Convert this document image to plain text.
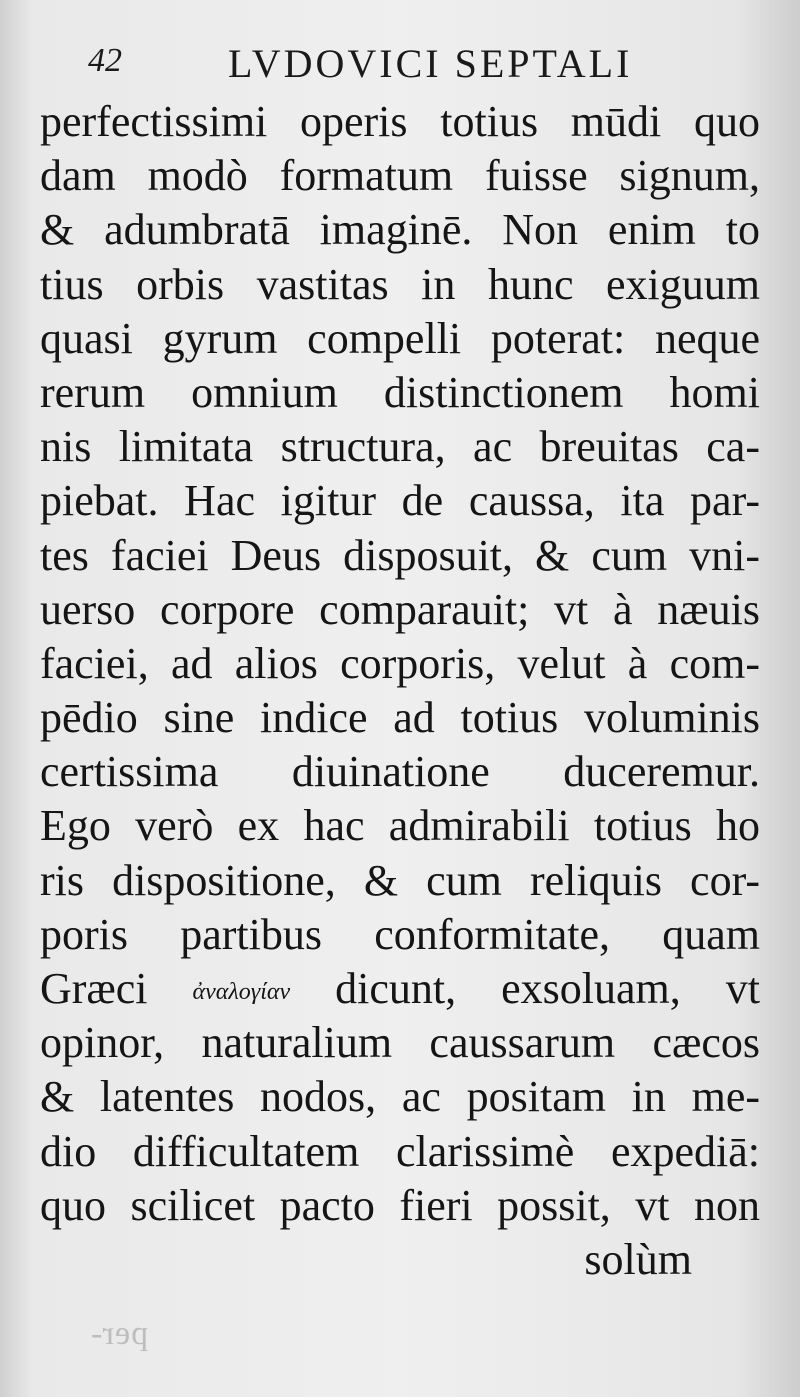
per-
42	LVDOVICI SEPTALI
perfectissimi operis totius mūdi quo
dam modò formatum fuisse signum,
& adumbratā imaginē. Non enim to
tius orbis vastitas in hunc exiguum
quasi gyrum compelli poterat: neque
rerum omnium distinctionem homi
nis limitata structura, ac breuitas ca-
piebat. Hac igitur de caussa, ita par-
tes faciei Deus disposuit, & cum vni-
uerso corpore comparauit; vt à næuis
faciei, ad alios corporis, velut à com-
pēdio sine indice ad totius voluminis
certissima diuinatione duceremur.
Ego verò ex hac admirabili totius ho
ris dispositione, & cum reliquis cor-
poris partibus conformitate, quam
Græci ἀναλογίαν dicunt, exsoluam, vt
opinor, naturalium caussarum cæcos
& latentes nodos, ac positam in me-
dio difficultatem clarissimè expediā:
quo scilicet pacto fieri possit, vt non
solùm
